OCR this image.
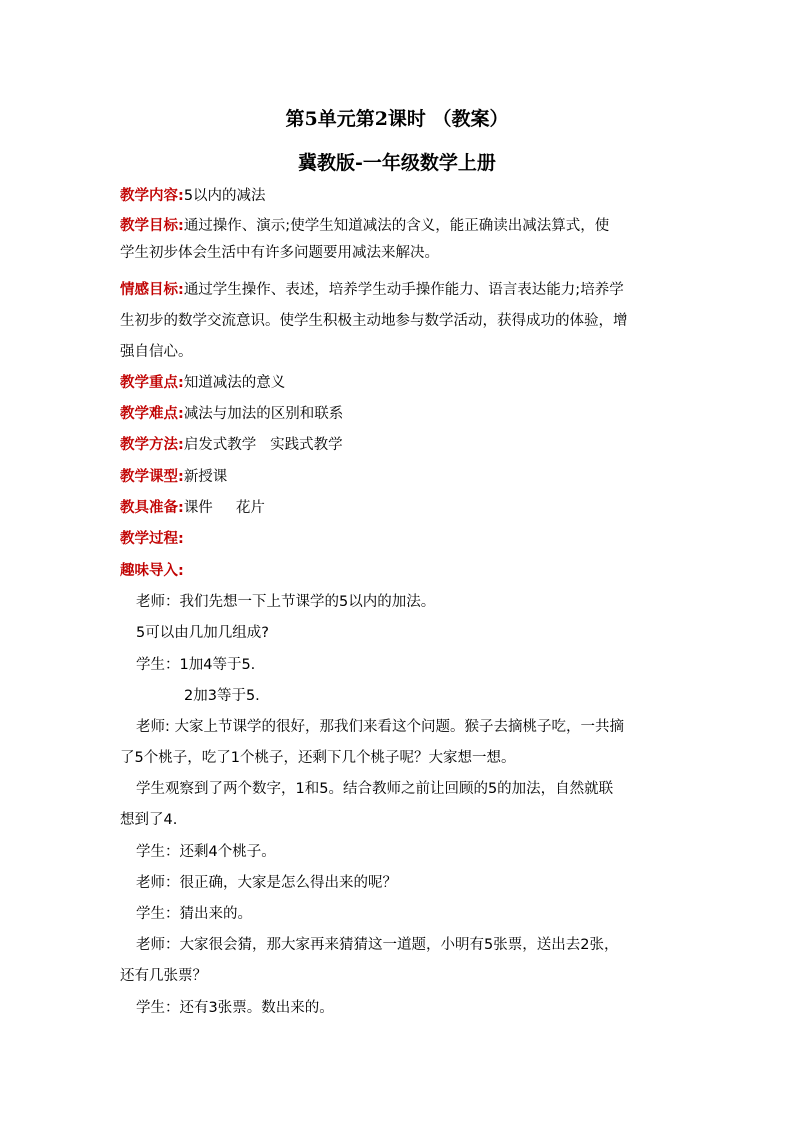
第5单元第2课时 （教案）
冀教版-一年级数学上册
教学内容:5以内的减法
教学目标:通过操作、演示;使学生知道减法的含义，能正确读出减法算式，使
学生初步体会生活中有许多问题要用减法来解决。
情感目标:通过学生操作、表述，培养学生动手操作能力、语言表达能力;培养学
生初步的数学交流意识。使学生积极主动地参与数学活动，获得成功的体验，增
强自信心。
教学重点:知道减法的意义
教学难点:减法与加法的区别和联系
教学方法:启发式教学   实践式教学
教学课型:新授课
教具准备:课件     花片
教学过程:
趣味导入:
老师：我们先想一下上节课学的5以内的加法。
5可以由几加几组成?
学生：1加4等于5.
2加3等于5.
老师: 大家上节课学的很好，那我们来看这个问题。猴子去摘桃子吃，一共摘
了5个桃子，吃了1个桃子，还剩下几个桃子呢？大家想一想。
学生观察到了两个数字，1和5。结合教师之前让回顾的5的加法，自然就联
想到了4.
学生：还剩4个桃子。
老师：很正确，大家是怎么得出来的呢？
学生：猜出来的。
老师：大家很会猜，那大家再来猜猜这一道题，小明有5张票，送出去2张，
还有几张票？
学生：还有3张票。数出来的。
